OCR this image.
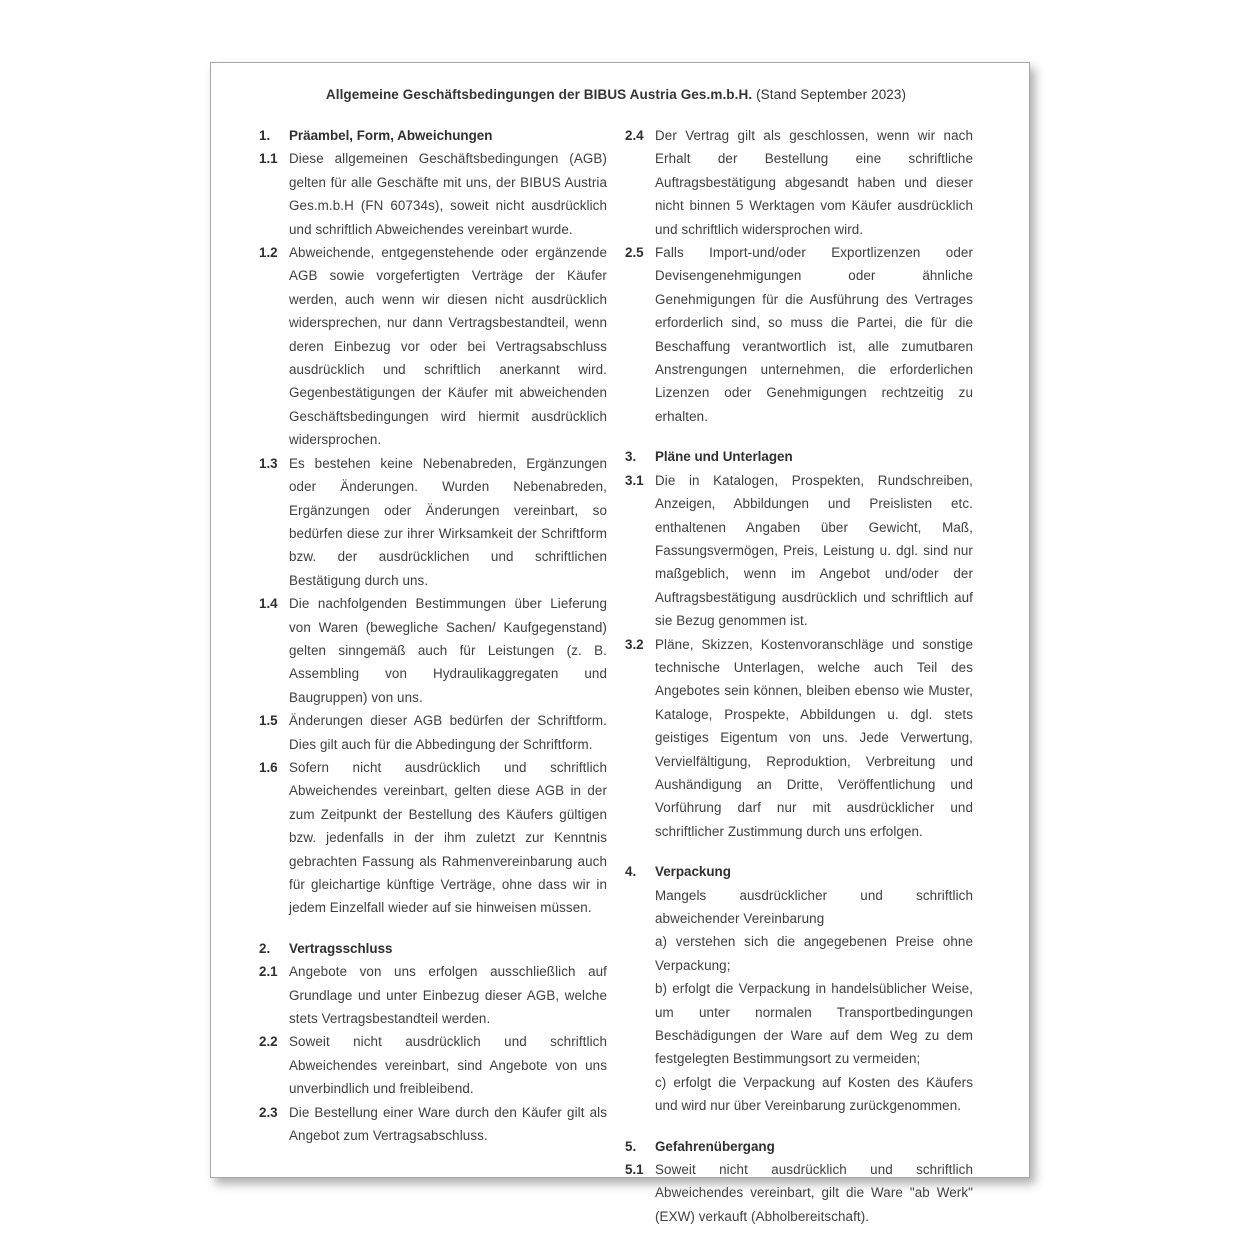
Allgemeine Geschäftsbedingungen der BIBUS Austria Ges.m.b.H. (Stand September 2023)
1.	Präambel, Form, Abweichungen
1.1 Diese allgemeinen Geschäftsbedingungen (AGB) gelten für alle Geschäfte mit uns, der BIBUS Austria Ges.m.b.H (FN 60734s), soweit nicht ausdrücklich und schriftlich Abweichendes vereinbart wurde.

1.2 Abweichende, entgegenstehende oder ergänzende AGB sowie vorgefertigten Verträge der Käufer werden, auch wenn wir diesen nicht ausdrücklich widersprechen, nur dann Vertragsbestandteil, wenn deren Einbezug vor oder bei Vertragsabschluss ausdrücklich und schriftlich anerkannt wird. Gegenbestätigungen der Käufer mit abweichenden Geschäftsbedingungen wird hiermit ausdrücklich widersprochen.

1.3 Es bestehen keine Nebenabreden, Ergänzungen oder Änderungen. Wurden Nebenabreden, Ergänzungen oder Änderungen vereinbart, so bedürfen diese zur ihrer Wirksamkeit der Schriftform bzw. der ausdrücklichen und schriftlichen Bestätigung durch uns.

1.4 Die nachfolgenden Bestimmungen über Lieferung von Waren (bewegliche Sachen/ Kaufgegenstand) gelten sinngemäß auch für Leistungen (z. B. Assembling von Hydraulikaggregaten und Baugruppen) von uns.

1.5 Änderungen dieser AGB bedürfen der Schriftform. Dies gilt auch für die Abbedingung der Schriftform.

1.6 Sofern nicht ausdrücklich und schriftlich Abweichendes vereinbart, gelten diese AGB in der zum Zeitpunkt der Bestellung des Käufers gültigen bzw. jedenfalls in der ihm zuletzt zur Kenntnis gebrachten Fassung als Rahmenvereinbarung auch für gleichartige künftige Verträge, ohne dass wir in jedem Einzelfall wieder auf sie hinweisen müssen.

2.	Vertragsschluss
2.1 Angebote von uns erfolgen ausschließlich auf Grundlage und unter Einbezug dieser AGB, welche stets Vertragsbestandteil werden.

2.2 Soweit nicht ausdrücklich und schriftlich Abweichendes vereinbart, sind Angebote von uns unverbindlich und freibleibend.

2.3 Die Bestellung einer Ware durch den Käufer gilt als Angebot zum Vertragsabschluss.

2.4 Der Vertrag gilt als geschlossen, wenn wir nach Erhalt der Bestellung eine schriftliche Auftragsbestätigung abgesandt haben und dieser nicht binnen 5 Werktagen vom Käufer ausdrücklich und schriftlich widersprochen wird.

2.5 Falls Import-und/oder Exportlizenzen oder Devisengenehmigungen oder ähnliche Genehmigungen für die Ausführung des Vertrages erforderlich sind, so muss die Partei, die für die Beschaffung verantwortlich ist, alle zumutbaren Anstrengungen unternehmen, die erforderlichen Lizenzen oder Genehmigungen rechtzeitig zu erhalten.

3.	Pläne und Unterlagen
3.1 Die in Katalogen, Prospekten, Rundschreiben, Anzeigen, Abbildungen und Preislisten etc. enthaltenen Angaben über Gewicht, Maß, Fassungsvermögen, Preis, Leistung u. dgl. sind nur maßgeblich, wenn im Angebot und/oder der Auftragsbestätigung ausdrücklich und schriftlich auf sie Bezug genommen ist.

3.2 Pläne, Skizzen, Kostenvoranschläge und sonstige technische Unterlagen, welche auch Teil des Angebotes sein können, bleiben ebenso wie Muster, Kataloge, Prospekte, Abbildungen u. dgl. stets geistiges Eigentum von uns. Jede Verwertung, Vervielfältigung, Reproduktion, Verbreitung und Aushändigung an Dritte, Veröffentlichung und Vorführung darf nur mit ausdrücklicher und schriftlicher Zustimmung durch uns erfolgen.

4.	Verpackung

Mangels ausdrücklicher und schriftlich abweichender Vereinbarung

a) verstehen sich die angegebenen Preise ohne Verpackung;

b) erfolgt die Verpackung in handelsüblicher Weise, um unter normalen Transportbedingungen Beschädigungen der Ware auf dem Weg zu dem festgelegten Bestimmungsort zu vermeiden;

c) erfolgt die Verpackung auf Kosten des Käufers und wird nur über Vereinbarung zurückgenommen.

5.	Gefahrenübergang
5.1 Soweit nicht ausdrücklich und schriftlich Abweichendes vereinbart, gilt die Ware "ab Werk" (EXW) verkauft (Abholbereitschaft).
